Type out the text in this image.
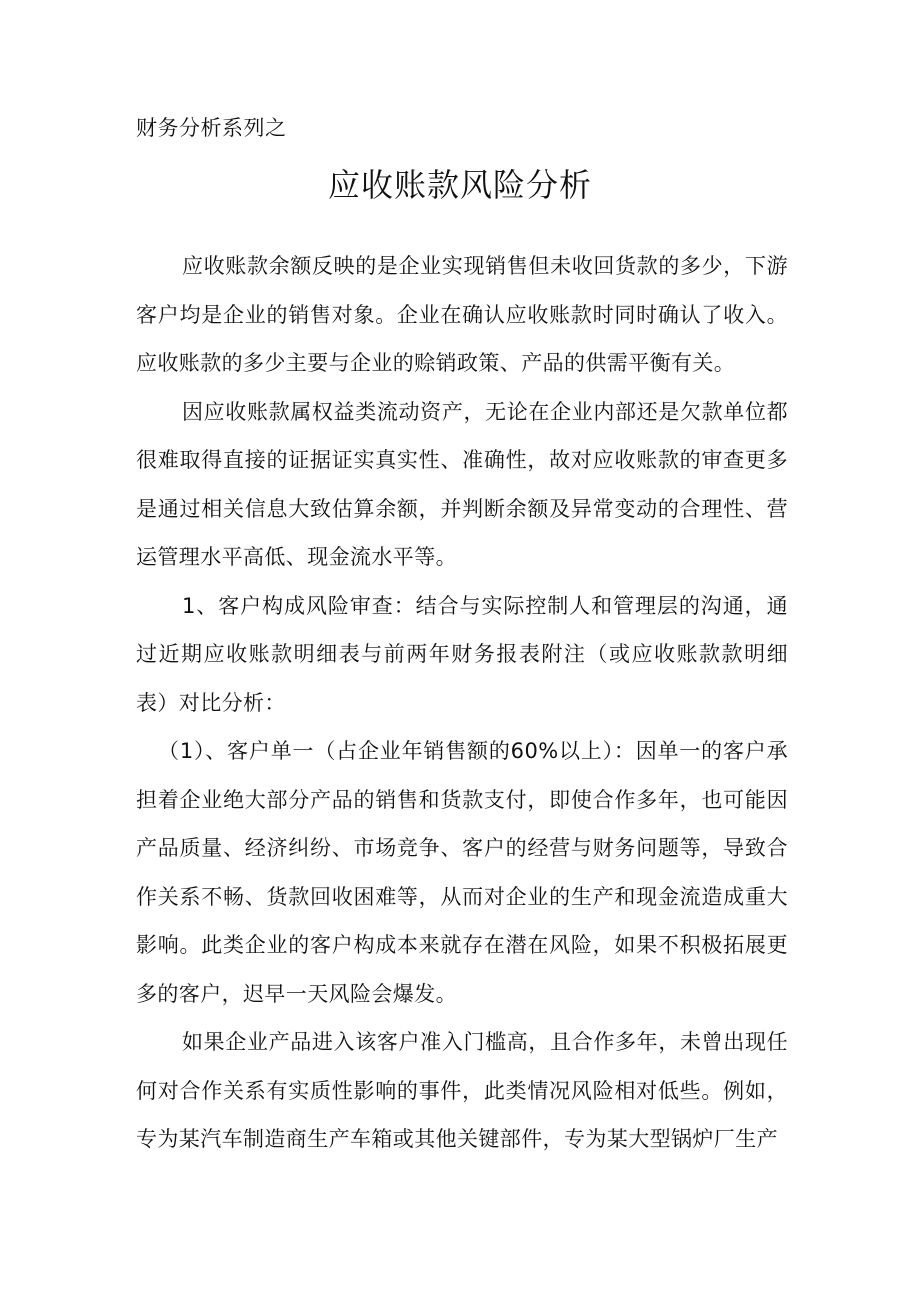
财务分析系列之
应收账款风险分析

应收账款余额反映的是企业实现销售但未收回货款的多少，下游客户均是企业的销售对象。企业在确认应收账款时同时确认了收入。应收账款的多少主要与企业的赊销政策、产品的供需平衡有关。

因应收账款属权益类流动资产，无论在企业内部还是欠款单位都很难取得直接的证据证实真实性、准确性，故对应收账款的审查更多是通过相关信息大致估算余额，并判断余额及异常变动的合理性、营运管理水平高低、现金流水平等。

1、客户构成风险审查：结合与实际控制人和管理层的沟通，通过近期应收账款明细表与前两年财务报表附注（或应收账款款明细表）对比分析：

（1）、客户单一（占企业年销售额的60%以上）：因单一的客户承担着企业绝大部分产品的销售和货款支付，即使合作多年，也可能因产品质量、经济纠纷、市场竞争、客户的经营与财务问题等，导致合作关系不畅、货款回收困难等，从而对企业的生产和现金流造成重大影响。此类企业的客户构成本来就存在潜在风险，如果不积极拓展更多的客户，迟早一天风险会爆发。

如果企业产品进入该客户准入门槛高，且合作多年，未曾出现任何对合作关系有实质性影响的事件，此类情况风险相对低些。例如，专为某汽车制造商生产车箱或其他关键部件，专为某大型锅炉厂生产
